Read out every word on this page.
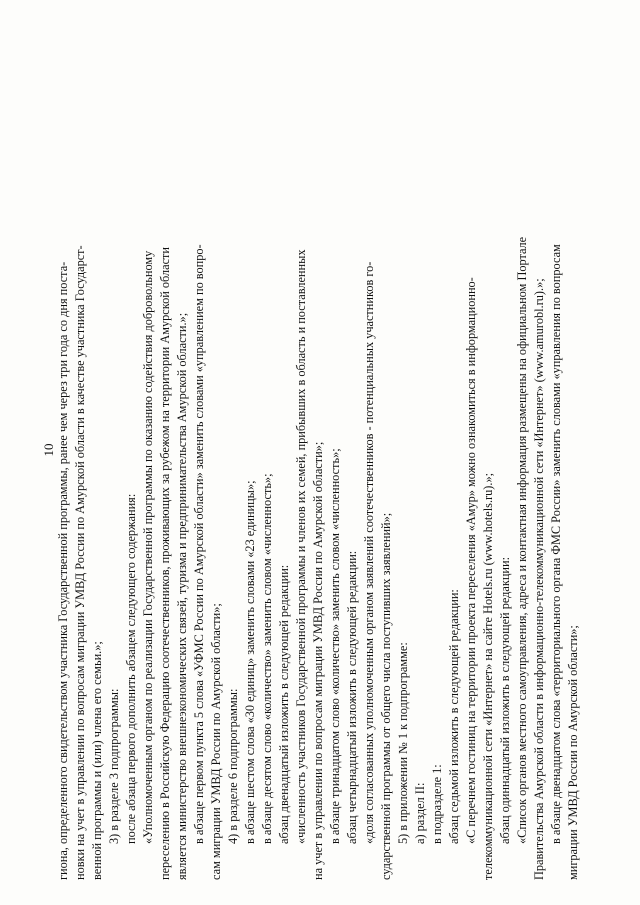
10 гиона, определенного свидетельством участника Государственной программы, ранее чем через три года со дня поста- новки на учет в управлении по вопросам миграции УМВД России по Амурской области в качестве участника Государст- венной программы и (или) члена его семьи.»; 3) в разделе 3 подпрограммы: после абзаца первого дополнить абзацем следующего содержания: «Уполномоченным органом по реализации Государственной программы по оказанию содействия добровольному переселению в Российскую Федерацию соотечественников, проживающих за рубежом на территории Амурской области является министерство внешнеэкономических связей, туризма и предпринимательства Амурской области.»; в абзаце первом пункта 5 слова «УФМС России по Амурской области» заменить словами «управлением по вопро- сам миграции УМВД России по Амурской области»; 4) в разделе 6 подпрограммы: в абзаце шестом слова «30 единиц» заменить словами «23 единицы»; в абзаце десятом слово «количество» заменить словом «численность»; абзац двенадцатый изложить в следующей редакции: «численность участников Государственной программы и членов их семей, прибывших в область и поставленных на учет в управлении по вопросам миграции УМВД России по Амурской области»; в абзаце тринадцатом слово «количество» заменить словом «численность»; абзац четырнадцатый изложить в следующей редакции: «доля согласованных уполномоченным органом заявлений соотечественников - потенциальных участников го- сударственной программы от общего числа поступивших заявлений»; 5) в приложении № 1 к подпрограмме: а) раздел II: в подразделе 1: абзац седьмой изложить в следующей редакции: «С перечнем гостиниц на территории проекта переселения «Амур» можно ознакомиться в информационно- телекоммуникационной сети «Интернет» на сайте Hotels.ru (www.hotels.ru).»; абзац одиннадцатый изложить в следующей редакции: «Список органов местного самоуправления, адреса и контактная информация размещены на официальном Портале Правительства Амурской области в информационно-телекоммуникационной сети «Интернет» (www.amurobl.ru).»; в абзаце двенадцатом слова «территориального органа ФМС России» заменить словами «управления по вопросам миграции УМВД России по Амурской области»;
